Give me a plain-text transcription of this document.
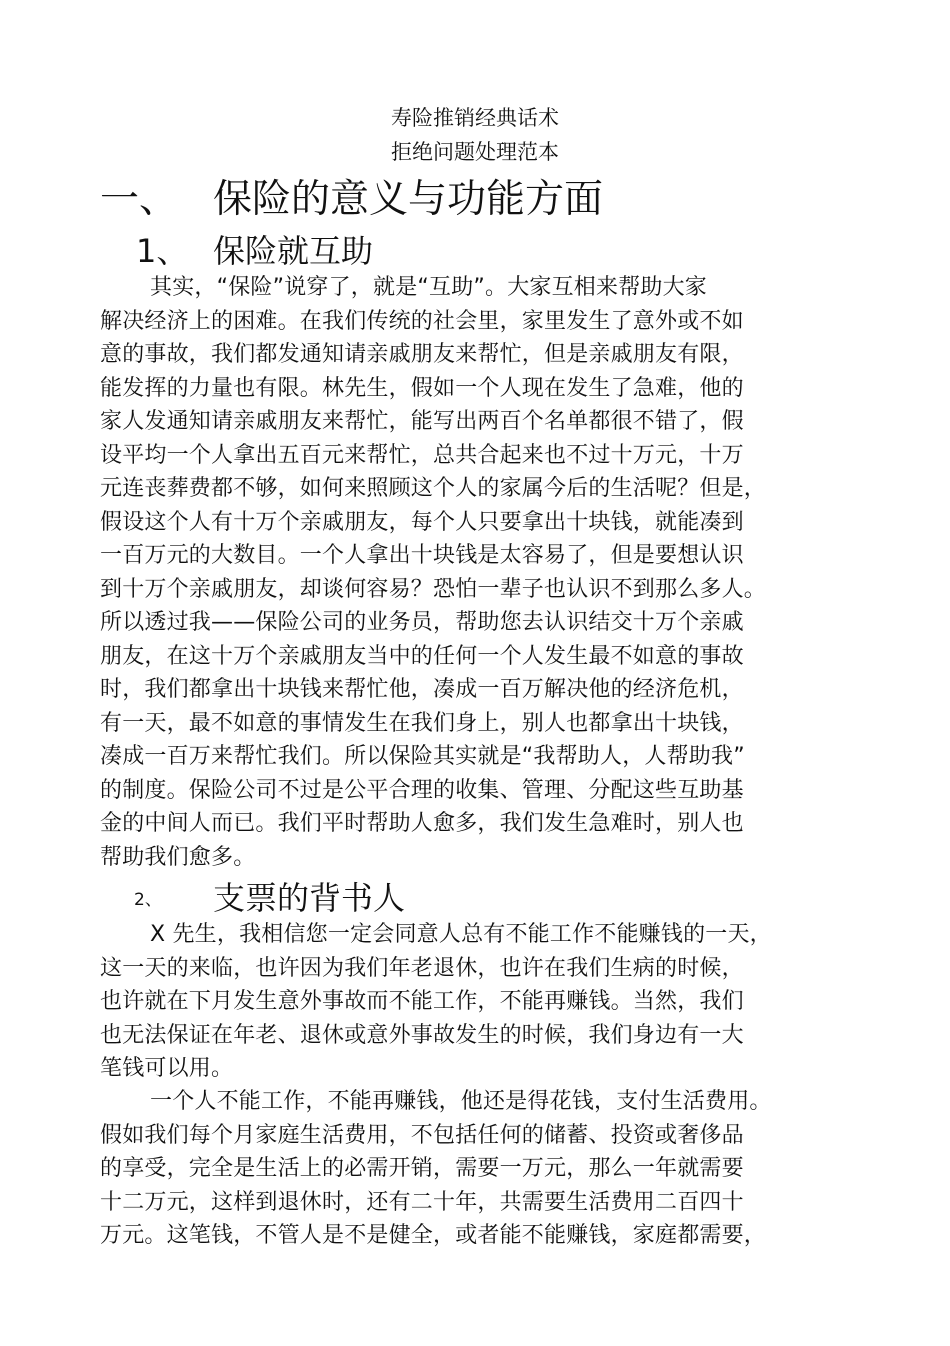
寿险推销经典话术
拒绝问题处理范本
一、 保险的意义与功能方面
1、 保险就互助
其实，“保险”说穿了，就是“互助”。大家互相来帮助大家
解决经济上的困难。在我们传统的社会里，家里发生了意外或不如
意的事故，我们都发通知请亲戚朋友来帮忙，但是亲戚朋友有限，
能发挥的力量也有限。林先生，假如一个人现在发生了急难，他的
家人发通知请亲戚朋友来帮忙，能写出两百个名单都很不错了，假
设平均一个人拿出五百元来帮忙，总共合起来也不过十万元，十万
元连丧葬费都不够，如何来照顾这个人的家属今后的生活呢？但是，
假设这个人有十万个亲戚朋友，每个人只要拿出十块钱，就能凑到
一百万元的大数目。一个人拿出十块钱是太容易了，但是要想认识
到十万个亲戚朋友，却谈何容易？恐怕一辈子也认识不到那么多人。
所以透过我——保险公司的业务员，帮助您去认识结交十万个亲戚
朋友，在这十万个亲戚朋友当中的任何一个人发生最不如意的事故
时，我们都拿出十块钱来帮忙他，凑成一百万解决他的经济危机，
有一天，最不如意的事情发生在我们身上，别人也都拿出十块钱，
凑成一百万来帮忙我们。所以保险其实就是“我帮助人，人帮助我”
的制度。保险公司不过是公平合理的收集、管理、分配这些互助基
金的中间人而已。我们平时帮助人愈多，我们发生急难时，别人也
帮助我们愈多。
2、 支票的背书人
X 先生，我相信您一定会同意人总有不能工作不能赚钱的一天，
这一天的来临，也许因为我们年老退休，也许在我们生病的时候，
也许就在下月发生意外事故而不能工作，不能再赚钱。当然，我们
也无法保证在年老、退休或意外事故发生的时候，我们身边有一大
笔钱可以用。
一个人不能工作，不能再赚钱，他还是得花钱，支付生活费用。
假如我们每个月家庭生活费用，不包括任何的储蓄、投资或奢侈品
的享受，完全是生活上的必需开销，需要一万元，那么一年就需要
十二万元，这样到退休时，还有二十年，共需要生活费用二百四十
万元。这笔钱，不管人是不是健全，或者能不能赚钱，家庭都需要，
